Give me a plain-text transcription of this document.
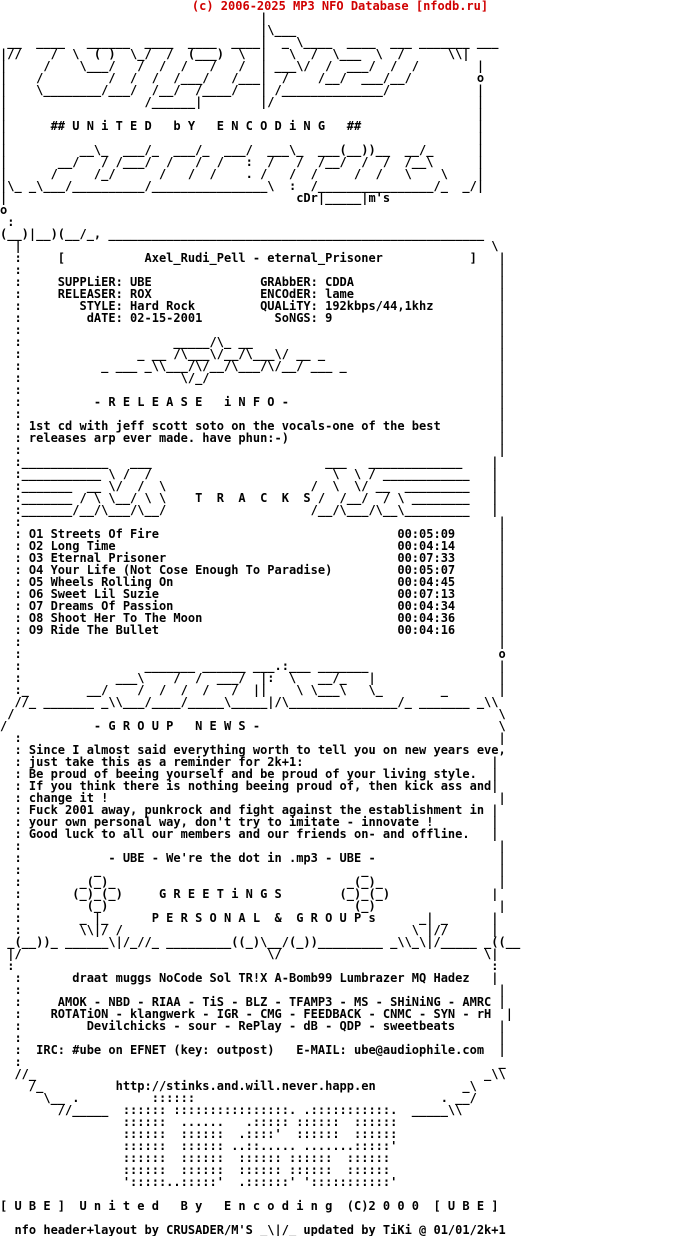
(c) 2006-2025 MP3 NFO Database [nfodb.ru]
|
|\___
__  ____   ______  ____  ____  ____|  _ \____  ____  ___ _______ ___
|//    /  \  ( )  \_/  /  (___)  \  |   \  /  \___  \  /      \\|
|     /    \___/   /  /  /   /   /  | ___\/  /  ___/  /  /        |
|    /         /  /  /  /___/   /___|  /    /__/  ___/__/         o
|    \________/___/  /__/  /____/   | /______________/            |
|                   /______|        |/                            |
|                                                                 |
|      ## U N i T E D   b Y   E N C O D i N G   ##                |
|                                                                 |
|          __\_  ___/_  ___/_  ___/  ___\_  ___(__))__  __/_      |
|       __/   / /___/  /   /  /   :  /   /  /__/  /  /  /__\      |
|      /     /_/      /   /  /    . /   /  /     /  /   \    \    |
|\_ _\___/__________/________________\  :  /________________/_  _/|
|                                        cDr|_____|m's
o
:
(__)|__)(__/_, ____________________________________________________
|                                                                 \
:     [           Axel_Rudi_Pell - eternal_Prisoner            ]   |
:                                                                  |
:     SUPPLiER: UBE               GRAbbER: CDDA                    |
:     RELEASER: ROX               ENCOdER: lame                    |
:        STYLE: Hard Rock         QUALiTY: 192kbps/44,1khz         |
:         dATE: 02-15-2001          SoNGS: 9                       |
:                                                                  |
:                     _____/\_ __                                  |
:                _ __ /\___\/__/\___\/ __ _                        |
:           _ ___ _\\___/\/__/\___/\/__/ ___ _                     |
:                      \/_/                                        |
:                                                                  |
:          - R E L E A S E   i N F O -                             |
:                                                                  |
: 1st cd with jeff scott soto on the vocals-one of the best        |
: releases arp ever made. have phun:-)                             |
:                                                                  |
:____________   ___                        ___   _____________    |
:___________ \ /  /                         \  \ / ____________   |
:_______  __ \/  /  \                    /  \  \/ __  _________   |
:_______ / \ \__/ \ \    T  R  A  C  K  S /  /__/  / \ ________   |
:_______/__/\___/\__/                    /__/\___/\__\_________   |
:                                                                  |
: O1 Streets Of Fire                                 00:05:09      |
: O2 Long Time                                       00:04:14      |
: O3 Eternal Prisoner                                00:07:33      |
: O4 Your Life (Not Cose Enough To Paradise)         00:05:07      |
: O5 Wheels Rolling On                               00:04:45      |
: O6 Sweet Lil Suzie                                 00:07:13      |
: O7 Dreams Of Passion                               00:04:34      |
: O8 Shoot Her To The Moon                           00:04:36      |
: O9 Ride The Bullet                                 00:04:16      |
:                                                                  |
:                                                                  o
:                 _______ ______ ___.:___ _______                  |
:             ___\    /  /  ___/  |:  \   __/_   |                 |
:_        __/    /  /  /  /   /  ||    \ \___\   \_        _       |
//_ _______ _\\___/____/_____\_____|/\_______________/_ _______ _\\
/                                                                   \
/            - G R O U P   N E W S -                                 \
:                                                                  |
: Since I almost said everything worth to tell you on new years eve,
: just take this as a reminder for 2k+1:                          |
: Be proud of beeing yourself and be proud of your living style.  |
: If you think there is nothing beeing proud of, then kick ass and|
: change it !                                                      |
: Fuck 2001 away, punkrock and fight against the establishment in |
: your own personal way, don't try to imitate - innovate !        |
: Good luck to all our members and our friends on- and offline.   |
:                                                                  |
:            - UBE - We're the dot in .mp3 - UBE -                 |
:          _                                    _                  |
:        _(_)_                                _(_)_                |
:       (_)_(_)     G R E E T i N G S        (_)_(_)              |
:         (_)                                  (_)                 |
:        _ |_      P E R S O N A L  &  G R O U P s      _| _      |
:        \\|/ /                                        \ |//      |
_(__))_ ______\|/_//_ _________((_)\__/(_))_________ _\\_\|/_____ _((__
|/                                  \/                            \|
:                                                                  :
:       draat muggs NoCode Sol TR!X A-Bomb99 Lumbrazer MQ Hadez   |
:                                                                  |
:     AMOK - NBD - RIAA - TiS - BLZ - TFAMP3 - MS - SHiNiNG - AMRC |
:    ROTATiON - klangwerk - IGR - CMG - FEEDBACK - CNMC - SYN - rH  |
:         Devilchicks - sour - RePlay - dB - QDP - sweetbeats      |
:                                                                  |
:  IRC: #ube on EFNET (key: outpost)   E-MAIL: ube@audiophile.com  |
:                                                                  _
//_                                                              _\\
/_          http://stinks.and.will.never.happ.en            _\
\__ .          ::::::                                  . __/
//_____  :::::: ::::::::::::::::. .:::::::::::.  _____\\
::::::  ......   .::::: ::::::  ::::::
::::::  ::::::  .::::'  ::::::  ::::::
::::::  :::::: ..::..... .......:::::'
::::::  ::::::  :::::: ::::::  ::::::
::::::  ::::::  :::::: ::::::  ::::::
':::::..:::::'  .::::::' ':::::::::::'

[ U B E ]  U n i t e d   B y   E n c o d i n g  (C)2 0 0 0  [ U B E ]

nfo header+layout by CRUSADER/M'S _\|/_ updated by TiKi @ 01/01/2k+1
